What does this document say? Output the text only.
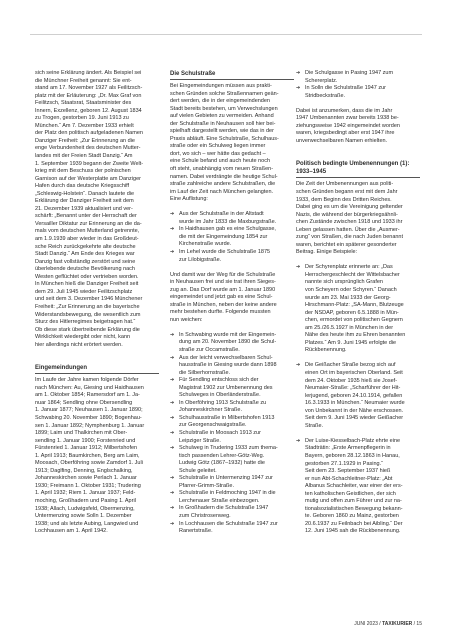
sich seine Erklärung ändert. Als Beispiel sei
die Münchner Freiheit genannt: Sie ent-
stand am 17. November 1927 als Feilitzsch-
platz mit der Erläuterung: „Dr. Max Graf von
Feilitzsch, Staatsrat, Staatsminister des
Innern, Exzellenz, geboren 12. August 1834
zu Trogen, gestorben 19. Juni 1913 zu
München.“ Am 7. Dezember 1933 erhielt
der Platz den politisch aufgeladenen Namen
Danziger Freiheit: „Zur Erinnerung an die
enge Verbundenheit des deutschen Mutter-
landes mit der Freien Stadt Danzig.“ Am
1. September 1939 begann der Zweite Welt-
krieg mit dem Beschuss der polnischen
Garnison auf der Westerplatte am Danziger
Hafen durch das deutsche Kriegsschiff
„Schleswig-Holstein“. Danach lautete die
Erklärung der Danziger Freiheit seit dem
21. Dezember 1939 aktualisiert und ver-
schärft: „Benannt unter der Herrschaft der
Versailler Diktatur zur Erinnerung an die da-
mals vom deutschen Mutterland getrennte,
am 1.9.1939 aber wieder in das Großdeut-
sche Reich zurückgekehrte alte deutsche
Stadt Danzig.“ Am Ende des Krieges war
Danzig fast vollständig zerstört und seine
überlebende deutsche Bevölkerung nach
Westen geflüchtet oder vertrieben worden.
In München hieß die Danziger Freiheit seit
dem 29. Juli 1945 wieder Feilitzschplatz
und seit dem 3. Dezember 1946 Münchener
Freiheit: „Zur Erinnerung an die bayerische
Widerstandsbewegung, die wesentlich zum
Sturz des Hitlerregimes beigetragen hat.“
Ob diese stark übertreibende Erklärung die
Wirklichkeit wiedergibt oder nicht, kann
hier allerdings nicht erörtert werden.

Eingemeindungen

Im Laufe der Jahre kamen folgende Dörfer
nach München: Au, Giesing und Haidhausen
am 1. Oktober 1854; Ramersdorf am 1. Ja-
nuar 1864; Sendling ohne Obersendling
1. Januar 1877; Neuhausen 1. Januar 1890;
Schwabing 20. November 1890; Bogenhau-
sen 1. Januar 1892; Nymphenburg 1. Januar
1899; Laim und Thalkirchen mit Ober-
sendling 1. Januar 1900; Forstenried und
Fürstenried 1. Januar 1912; Milbertshofen
1. April 1913; Baumkirchen, Berg am Laim,
Moosach, Oberföhring sowie Zamdorf 1. Juli
1913; Daglfing, Denning, Englschalking,
Johanneskirchen sowie Perlach 1. Januar
1930; Freimann 1. Oktober 1931; Trudering
1. April 1932; Riem 1. Januar 1937; Feld-
moching, Großhadern und Pasing 1. April
1938; Allach, Ludwigsfeld, Obermenzing,
Untermenzing sowie Solln 1. Dezember
1938; und als letzte Aubing, Langwied und
Lochhausen am 1. April 1942.

Die Schulstraße

Bei Eingemeindungen müssen aus prakti-
schen Gründen solche Straßennamen geän-
dert werden, die in der eingemeindenden
Stadt bereits bestehen, um Verwechslungen
auf vielen Gebieten zu vermeiden. Anhand
der Schulstraße in Neuhausen soll hier bei-
spielhaft dargestellt werden, wie das in der
Praxis abläuft. Eine Schulstraße, Schulhaus-
straße oder ein Schulweg liegen immer
dort, wo sich – wer hätte das gedacht –
eine Schule befand und auch heute noch
oft steht, unabhängig vom neuen Straßen-
namen. Dabei verdrängte die heutige Schul-
straße zahlreiche andere Schulstraßen, die
im Lauf der Zeit nach München gelangten.
Eine Auflistung:

➔ Aus der Schulstraße in der Altstadt
wurde im Jahr 1833 die Maxburgstraße.

➔ In Haidhausen gab es eine Schulgasse,
die mit der Eingemeindung 1854 zur
Kirchenstraße wurde.

➔ Im Lehel wurde die Schulstraße 1875
zur Lilobigstraße.

Und damit war der Weg für die Schulstraße
in Neuhausen frei und sie trat ihren Sieges-
zug an. Das Dorf wurde am 1. Januar 1890
eingemeindet und jetzt gab es eine Schul-
straße in München, neben der keine andere
mehr bestehen durfte. Folgende mussten
nun weichen:

➔ In Schwabing wurde mit der Eingemein-
dung am 20. November 1890 die Schul-
straße zur Occamstraße.

➔ Aus der leicht verwechselbaren Schul-
hausstraße in Giesing wurde dann 1898
die Silberhornstraße.

➔ Für Sendling entschloss sich der
Magistrat 1902 zur Umbenennung des
Schulweges in Oberländerstraße.

➔ In Oberföhring 1913 Schulstraße zu
Johanneskirchner Straße.

➔ Schulhausstraße in Milbertshofen 1913
zur Georgenschwaigstraße.

➔ Schulstraße in Moosach 1913 zur
Leipziger Straße.

➔ Schulweg in Trudering 1933 zum thema-
tisch passenden Lehrer-Götz-Weg.
Ludwig Götz (1867–1932) hatte die
Schule geleitet.

➔ Schulstraße in Untermenzing 1947 zur
Pfarrer-Grimm-Straße.

➔ Schulstraße in Feldmoching 1947 in die
Lerchenauer Straße einbezogen.

➔ In Großhadern die Schulstraße 1947
zum Christrosenweg.

➔ In Lochhausen die Schulstraße 1947 zur
Ranertstraße.

➔ Die Schulgasse in Pasing 1947 zum
Schererplatz.

➔ In Solln die Schulstraße 1947 zur
Stridbeckstraße.

Dabei ist anzumerken, dass die im Jahr
1947 Umbenannten zwar bereits 1938 be-
ziehungsweise 1942 eingemeindet worden
waren, kriegsbedingt aber erst 1947 ihre
unverwechselbaren Namen erhielten.

Politisch bedingte Umbenennungen (1):
1933–1945

Die Zeit der Umbenennungen aus politi-
schen Gründen begann erst mit dem Jahr
1933, dem Beginn des Dritten Reiches.
Dabei ging es um die Vereinigung geltender
Nazis, die während der bürgerkriegsähnli-
chen Zustände zwischen 1918 und 1933 ihr
Leben gelassen hatten. Über die „Ausmer-
zung“ von Straßen, die nach Juden benannt
waren, berichtet ein späterer gesonderter
Beitrag. Einige Beispiele:

➔ Der Schyrenplatz erinnerte an: „Das
Herrschergeschlecht der Wittelsbacher
nannte sich ursprünglich Grafen
von Scheyern oder Schyren.“ Danach
wurde am 23. Mai 1933 der Georg-
Hirschmann-Platz: „SA-Mann, Blutzeuge
der NSDAP, geboren 6.5.1888 in Mün-
chen, ermordet von politischen Gegnern
am 25./26.5.1927 in München in der
Nähe des heute ihm zu Ehren benannten
Platzes.“ Am 9. Juni 1945 erfolgte die
Rückbenennung.

➔ Die Geißacher Straße bezog sich auf
einen Ort im bayerischen Oberland. Seit
dem 24. Oktober 1935 hieß sie Josef-
Neumaier-Straße: „Scharführer der Hit-
lerjugend, geboren 24.10.1914, gefallen
16.3.1933 in München.“ Neumaier wurde
von Unbekannt in der Nähe erschossen.
Seit dem 9. Juni 1945 wieder Geißacher
Straße.

➔ Der Luise-Kiesselbach-Platz ehrte eine
Stadträtin: „Erste Armenpflegerin in
Bayern, geboren 28.12.1863 in Hanau,
gestorben 27.1.1929 in Pasing.“
Seit dem 23. September 1937 hieß
er nun Abt-Schachleitner-Platz: „Abt
Albanus Schachleiter, war einer der ers-
ten katholischen Geistlichen, der sich
mutig und offen zum Führer und zur na-
tionalsozialistischen Bewegung bekann-
te. Geboren 1860 zu Mainz, gestorben
20.6.1937 zu Feilnbach bei Aibling.“ Der
12. Juni 1945 sah die Rückbenennung.

JUNI 2023 / TAXIKURIER / 15
